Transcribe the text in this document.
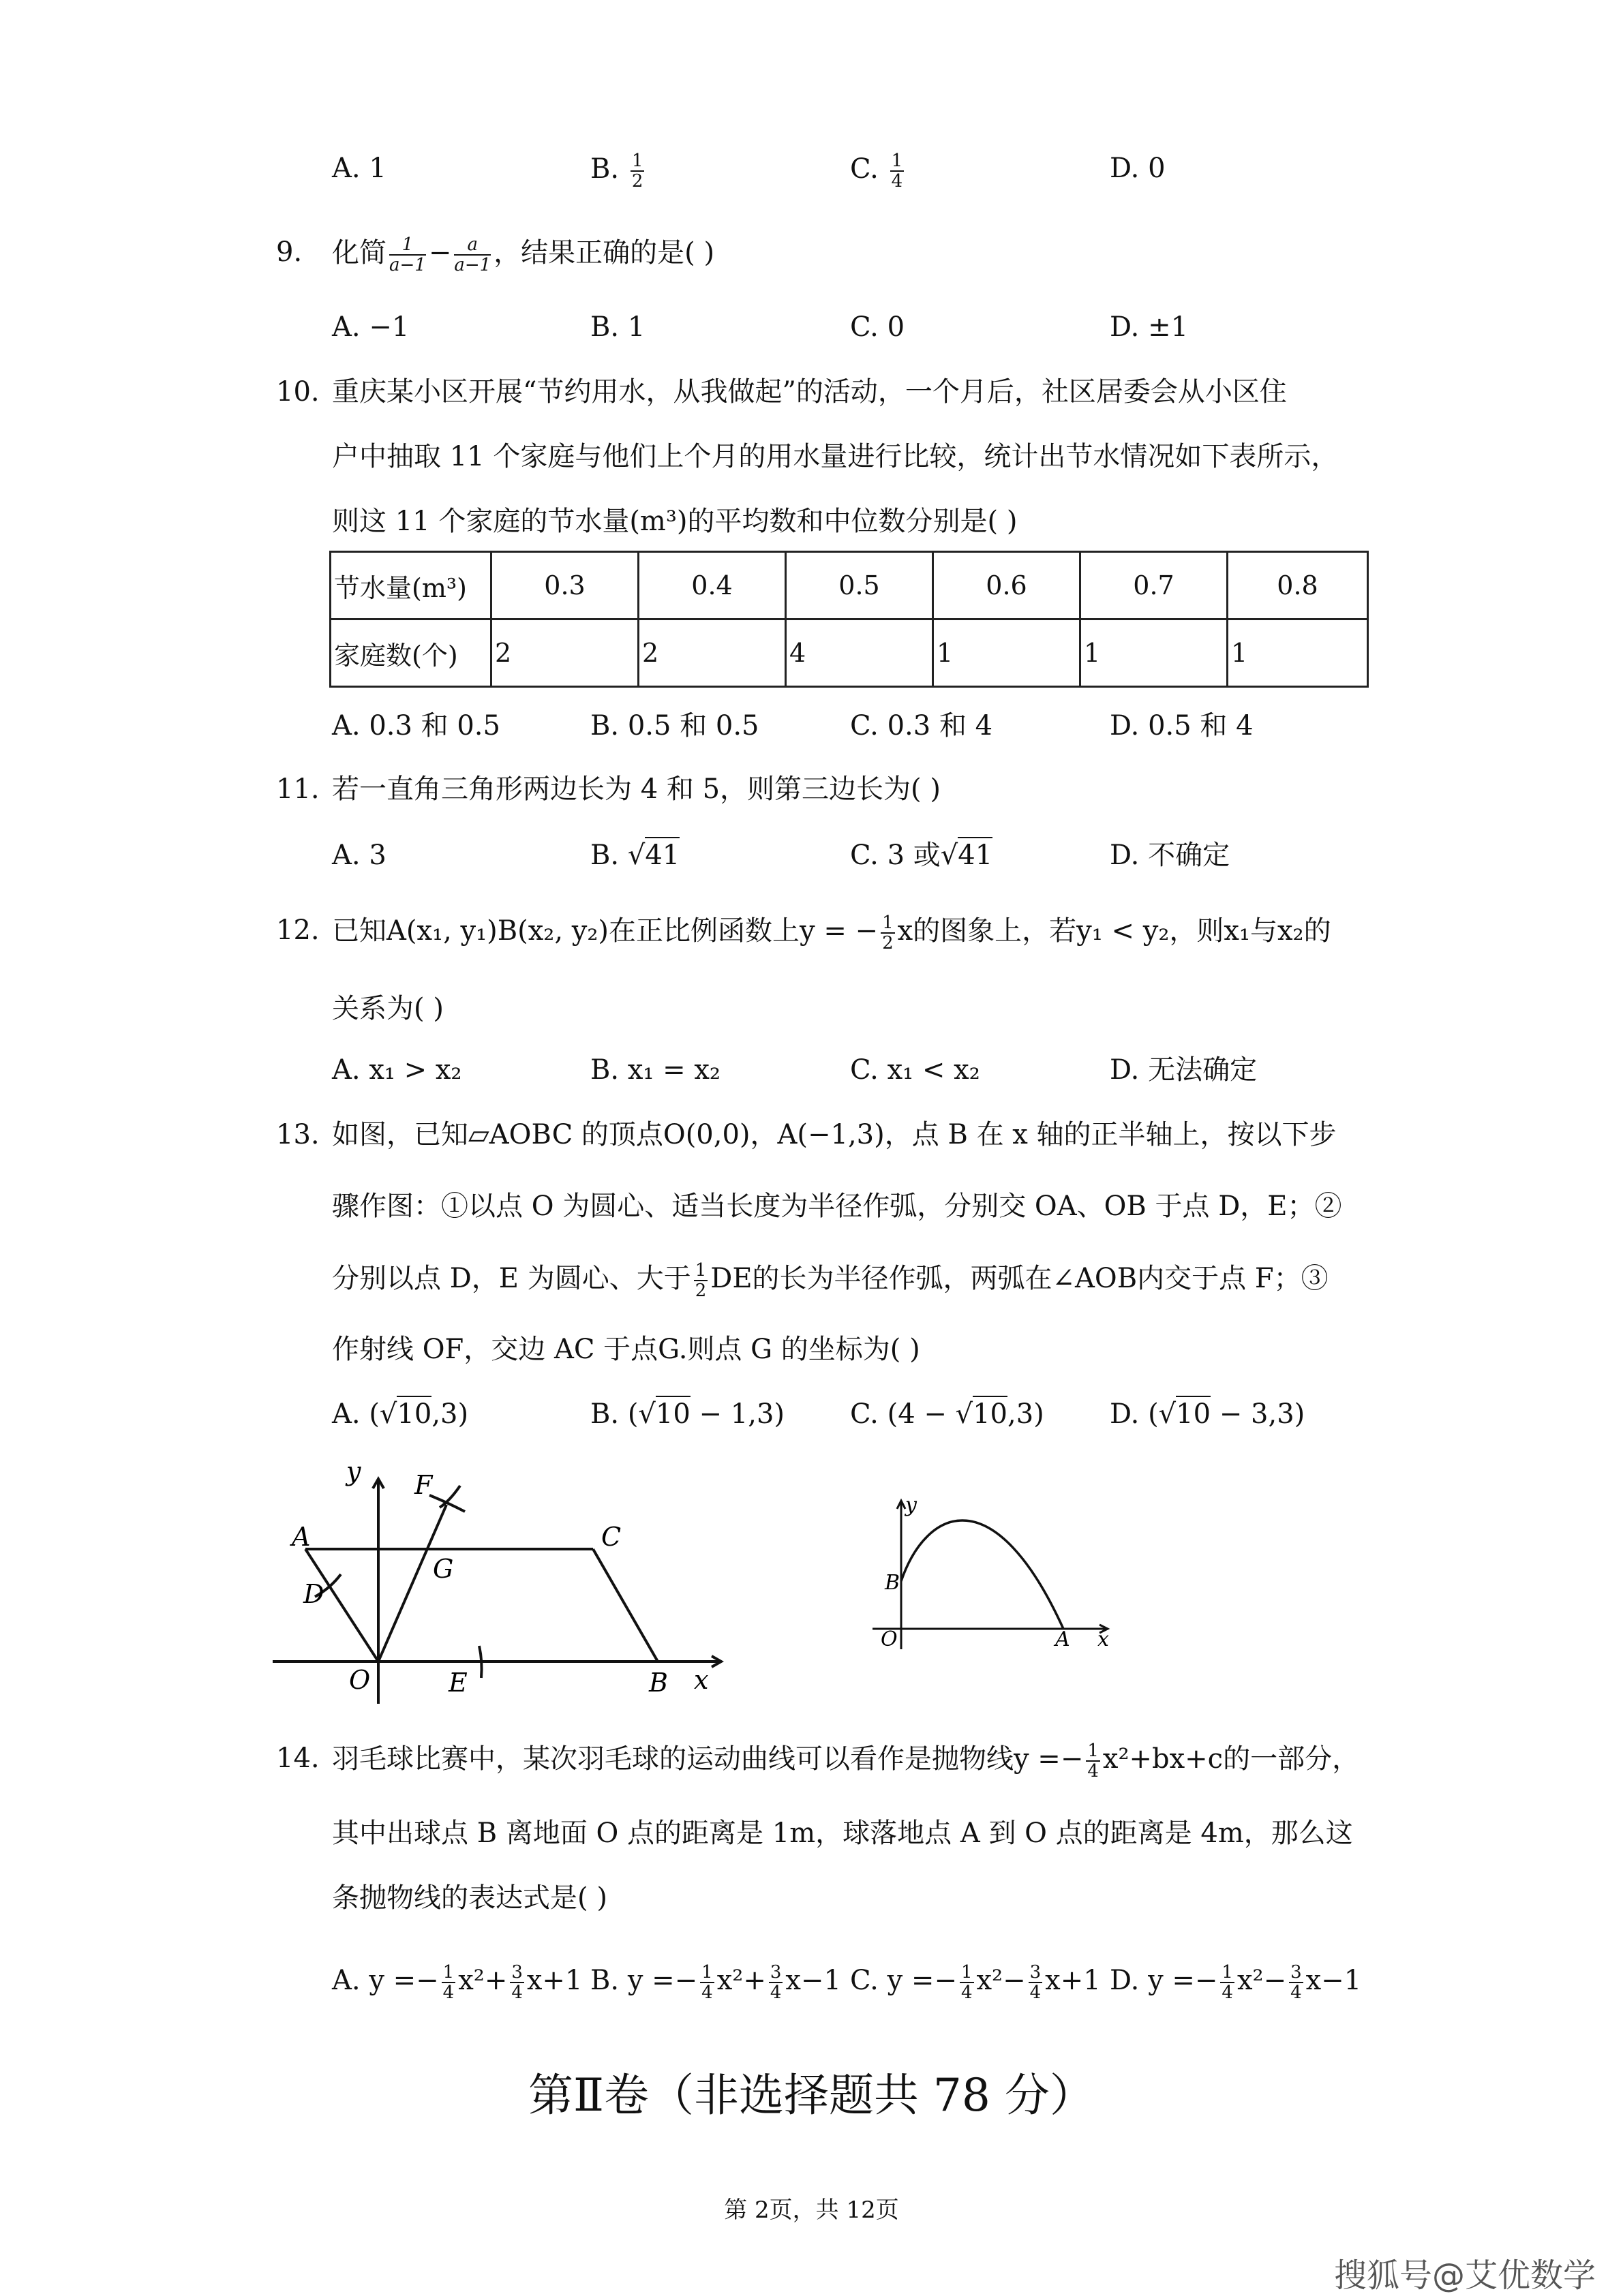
A. 1	B. $\frac{1}{2}$	C. $\frac{1}{4}$	D. 0
9. 化简 $\frac{1}{a-1} - \frac{a}{a-1}$ ，结果正确的是( )
A. −1	B. 1	C. 0	D. ±1
10. 重庆某小区开展“节约用水，从我做起”的活动，一个月后，社区居委会从小区住
户中抽取 11 个家庭与他们上个月的用水量进行比较，统计出节水情况如下表所示，
则这 11 个家庭的节水量(m³)的平均数和中位数分别是( )
节水量(m³)	0.3	0.4	0.5	0.6	0.7	0.8
家庭数(个)	2	2	4	1	1	1
A. 0.3 和 0.5	B. 0.5 和 0.5	C. 0.3 和 4	D. 0.5 和 4
11. 若一直角三角形两边长为 4 和 5，则第三边长为( )
A. 3	B. √41	C. 3 或√41	D. 不确定
12. 已知A(x₁, y₁)B(x₂, y₂)在正比例函数上y = − $\frac{1}{2}$ x的图象上，若y₁ < y₂，则x₁与x₂的
关系为( )
A. x₁ > x₂	B. x₁ = x₂	C. x₁ < x₂	D. 无法确定
13. 如图，已知▱AOBC 的顶点O(0,0)，A(−1,3)，点 B 在 x 轴的正半轴上，按以下步
骤作图：①以点 O 为圆心、适当长度为半径作弧，分别交 OA、OB 于点 D，E；②
分别以点 D，E 为圆心、大于 $\frac{1}{2}$ DE的长为半径作弧，两弧在∠AOB内交于点 F；③
作射线 OF，交边 AC 于点G.则点 G 的坐标为( )
A. (√10,3)	B. (√10 − 1,3) C. (4 − √10,3) D. (√10 − 3,3)
A	C
D
G
F
y
O	E	B x
y
B
O	A x
14. 羽毛球比赛中，某次羽毛球的运动曲线可以看作是抛物线$y =- \frac{1}{4} x^2+bx+c$的一部分，
其中出球点 B 离地面 O 点的距离是 1m，球落地点 A 到 O 点的距离是 4m，那么这
条抛物线的表达式是( )
A. $y =- \frac{1}{4} x^2+ \frac{3}{4} x+1$ B. $y =- \frac{1}{4} x^2+ \frac{3}{4} x-1$ C. $y =- \frac{1}{4} x^2- \frac{3}{4} x+1$ D. $y =- \frac{1}{4} x^2- \frac{3}{4} x-1$
第Ⅱ卷（非选择题共 78 分）
第 2页，共 12页
搜狐号@艾优数学
